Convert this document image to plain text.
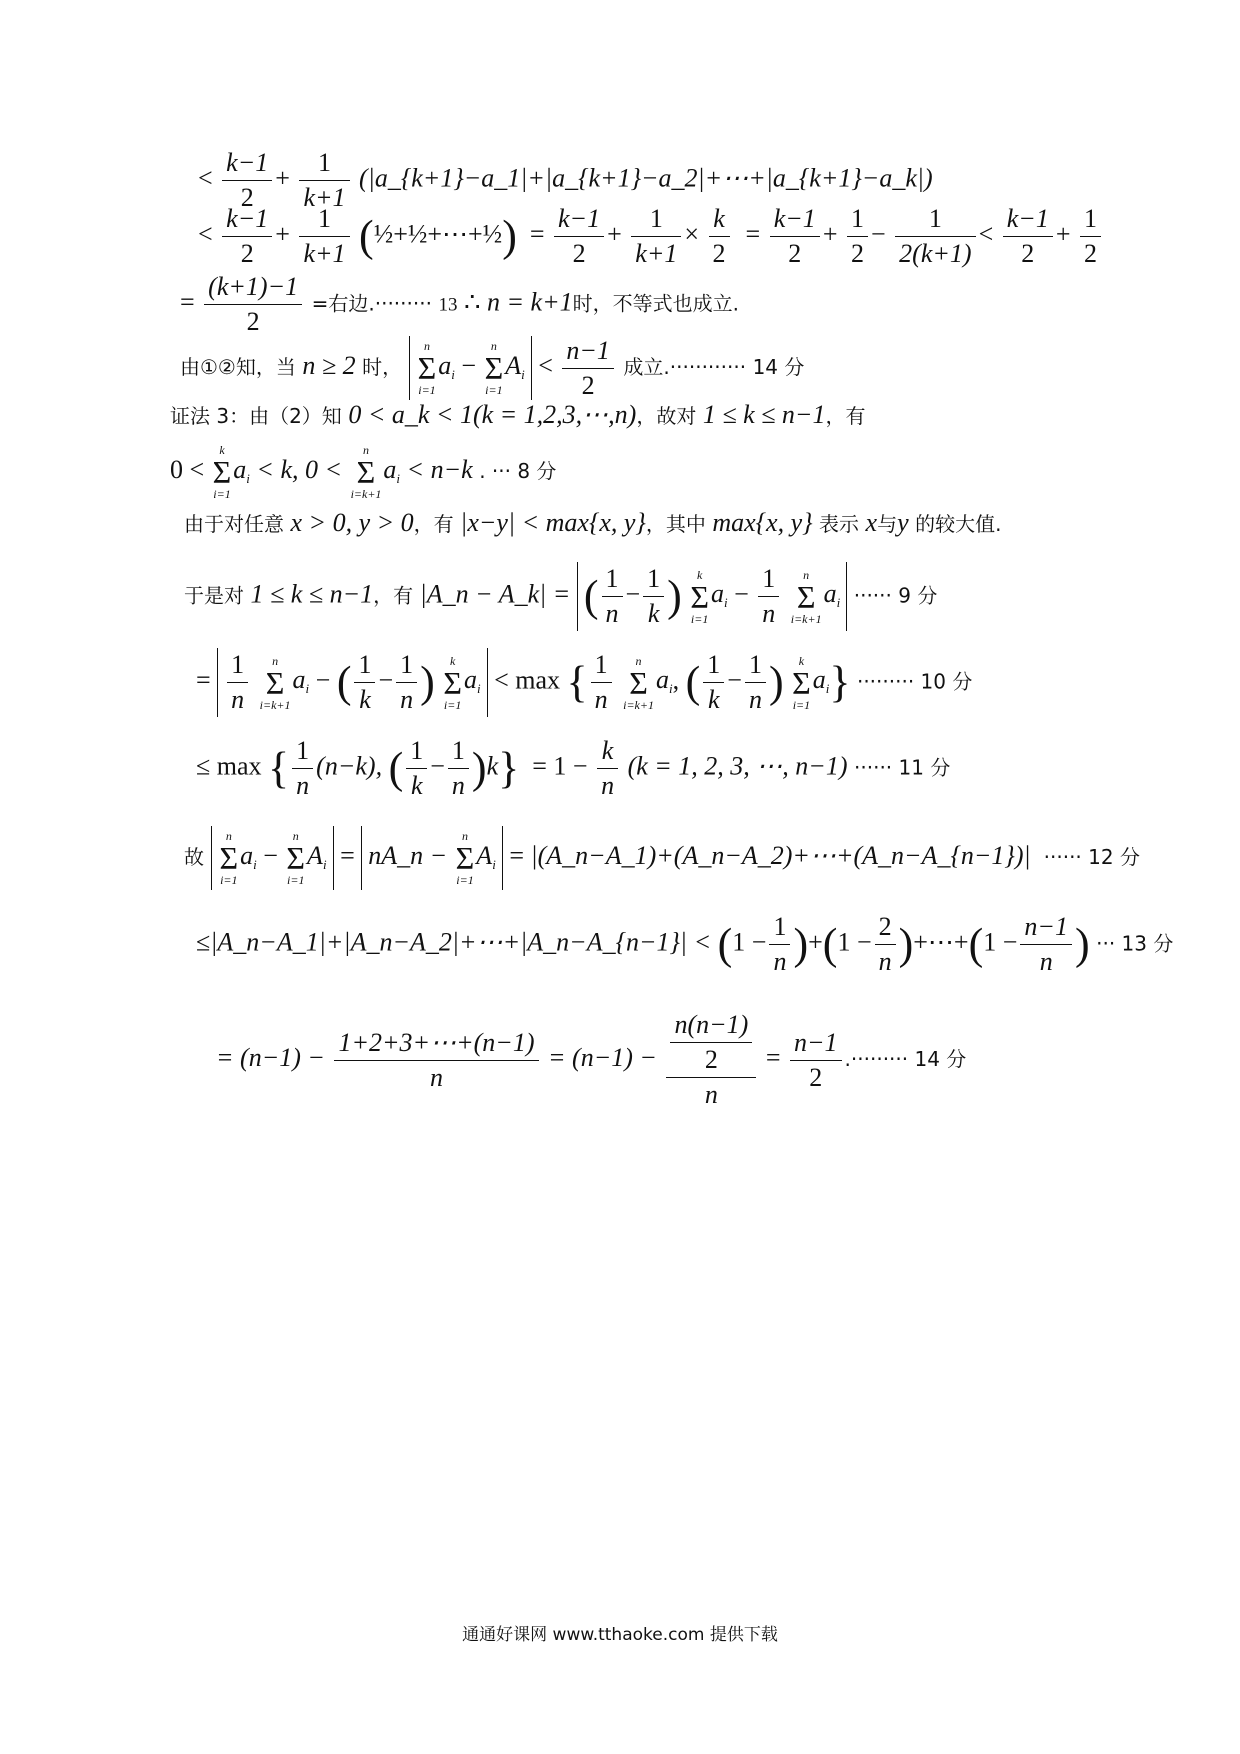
< $\frac{k-1}{2} + \frac{1}{k+1}$ (|a_{k+1}−a_1|+|a_{k+1}−a_2|+⋯+|a_{k+1}−a_k|)
< $\frac{k-1}{2} + \frac{1}{k+1}$ (½+½+⋯+½) = $\frac{k-1}{2} + \frac{1}{k+1} \times \frac{k}{2} = \frac{k-1}{2} + \frac{1}{2} - \frac{1}{2(k+1)} < \frac{k-1}{2} + \frac{1}{2}$
= $\frac{(k+1)-1}{2}$ =右边.········· 13 ∴ n = k+1时，不等式也成立.
由①②知，当 n ≥ 2 时，
n
Σ
i=1
$a_i$ −
n
Σ
i=1
$A_i < \frac{n-1}{2}$ 成立.············ 14 分
证法 3：由（2）知 0 < a_k < 1(k = 1,2,3,⋯,n)，故对 1 ≤ k ≤ n−1，有
0 <
k
Σ
i=1
$a_i < k$, 0 <
n
Σ
i=k+1
$a_i < n-k$ . ··· 8 分
由于对任意 x > 0, y > 0，有 |x−y| < max{x, y}，其中 max{x, y} 表示 x与y 的较大值.
于是对 1 ≤ k ≤ n−1，有 |A_n − A_k| = ( $\frac{1}{n} - \frac{1}{k}$ )	k
Σ
i=1
$a_i - \frac{1}{n}$
	n
Σ
i=k+1
$a_i$ ······ 9 分
= $\frac{1}{n}$
	n
Σ
i=k+1
$a_i$ − ( $\frac{1}{k} - \frac{1}{n}$ )	k
Σ
i=1
$a_i < \max$ { $\frac{1}{n}$
	n
Σ
i=k+1
$a_i$, ( $\frac{1}{k} - \frac{1}{n}$ )	k
Σ
i=1
$a_i$} ········· 10 分
≤ max { $\frac{1}{n} (n-k)$, ( $\frac{1}{k} - \frac{1}{n} )k\} = 1 - \frac{k}{n} (k = 1$, 2, 3, ⋯, n−1) ······ 11 分
故
n
Σ
i=1
$a_i$ −
n
Σ
i=1
$A_i$ = nA_n −
n
Σ
i=1
$A_i$ = |(A_n−A_1)+(A_n−A_2)+⋯+(A_n−A_{n−1})| ······ 12 分
≤|A_n−A_1|+|A_n−A_2|+⋯+|A_n−A_{n−1}| < $(1 - \frac{1}{n} )+(1 - \frac{2}{n}$ )+⋯+(1 − $\frac{n-1}{n}$ ) ··· 13 分
= $(n-1) - \frac{1+2+3+\cdots+(n-1)}{n} = (n-1) - \frac{\frac{n(n-1)}{2}}{n} = \frac{n-1}{2}$ .········· 14 分
通通好课网 www.tthaoke.com 提供下载
